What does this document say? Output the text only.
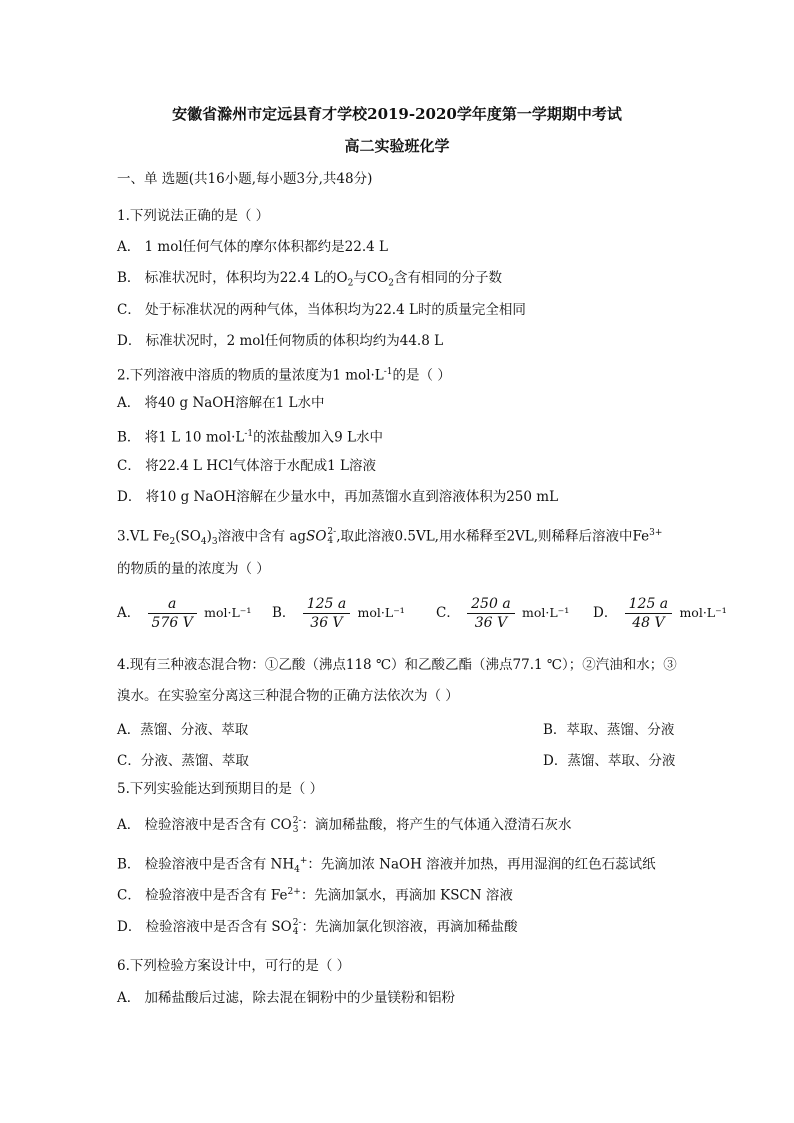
安徽省滁州市定远县育才学校2019-2020学年度第一学期期中考试
高二实验班化学
一、单 选题(共16小题,每小题3分,共48分)
1.下列说法正确的是（ ）
A． 1 mol任何气体的摩尔体积都约是22.4 L
B． 标准状况时，体积均为22.4 L的$O_2$与$CO_2$含有相同的分子数
C． 处于标准状况的两种气体，当体积均为22.4 L时的质量完全相同
D． 标准状况时，2 mol任何物质的体积均约为44.8 L
2.下列溶液中溶质的物质的量浓度为1 $mol\cdot L^{-1}$的是（ ）
A． 将40 g NaOH溶解在1 L水中
B． 将1 L 10 $mol\cdot L^{-1}$的浓盐酸加入9 L水中
C． 将22.4 L HCl气体溶于水配成1 L溶液
D． 将10 g NaOH溶解在少量水中，再加蒸馏水直到溶液体积为250 mL
3.VL $Fe_2(SO_4)_3$溶液中含有 agSO 2-
4 ,取此溶液0.5VL,用水稀释至2VL,则稀释后溶液中$Fe^{3+}$
的物质的量的浓度为（ ）
A． $\frac{a}{576 V} mol\cdot L^{-1}$ B． $\frac{125 a}{36 V} mol\cdot L^{-1}$ C． $\frac{250 a}{36 V} mol\cdot L^{-1}$ D． $\frac{125 a}{48 V} mol\cdot L^{-1}$
4.现有三种液态混合物：①乙酸（沸点118 ℃）和乙酸乙酯（沸点77.1 ℃）；②汽油和水；③
溴水。在实验室分离这三种混合物的正确方法依次为（ ）
A．蒸馏、分液、萃取	B．萃取、蒸馏、分液
C．分液、蒸馏、萃取	D．蒸馏、萃取、分液
5.下列实验能达到预期目的是（ ）
A． 检验溶液中是否含有 CO 2-
3 ：滴加稀盐酸，将产生的气体通入澄清石灰水
B． 检验溶液中是否含有 $NH_4^+$：先滴加浓 NaOH 溶液并加热，再用湿润的红色石蕊试纸
C． 检验溶液中是否含有 $Fe^{2+}$：先滴加氯水，再滴加 KSCN 溶液
D． 检验溶液中是否含有 SO 2-
4 ：先滴加氯化钡溶液，再滴加稀盐酸
6.下列检验方案设计中，可行的是（ ）
A． 加稀盐酸后过滤，除去混在铜粉中的少量镁粉和铝粉
